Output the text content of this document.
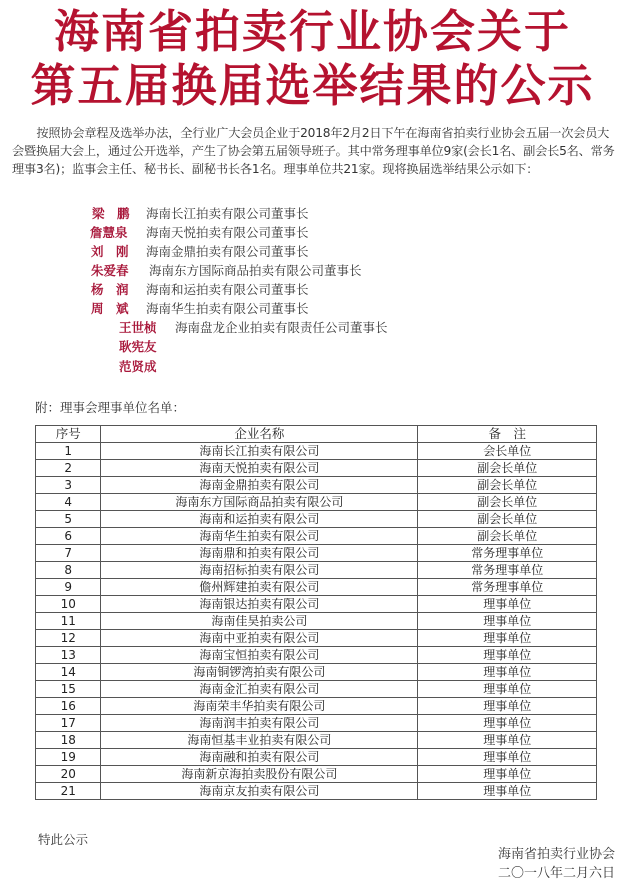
海南省拍卖行业协会关于
第五届换届选举结果的公示

按照协会章程及选举办法，全行业广大会员企业于2018年2月2日下午在海南省拍卖行业协会五届一次会员大会暨换届大会上，通过公开选举，产生了协会第五届领导班子。其中常务理事单位9家(会长1名、副会长5名、常务理事3名)；监事会主任、秘书长、副秘书长各1名。理事单位共21家。现将换届选举结果公示如下：

梁　鹏 海南长江拍卖有限公司董事长
詹慧泉 海南天悦拍卖有限公司董事长
刘　刚 海南金鼎拍卖有限公司董事长
朱爱春 海南东方国际商品拍卖有限公司董事长
杨　润 海南和运拍卖有限公司董事长
周　斌 海南华生拍卖有限公司董事长
王世桢 海南盘龙企业拍卖有限责任公司董事长
耿宪友
范贤成
附：理事会理事单位名单：
序号	企业名称	备　注
1	海南长江拍卖有限公司	会长单位
2	海南天悦拍卖有限公司	副会长单位
3	海南金鼎拍卖有限公司	副会长单位
4	海南东方国际商品拍卖有限公司	副会长单位
5	海南和运拍卖有限公司	副会长单位
6	海南华生拍卖有限公司	副会长单位
7	海南鼎和拍卖有限公司	常务理事单位
8	海南招标拍卖有限公司	常务理事单位
9	儋州辉建拍卖有限公司	常务理事单位
10	海南银达拍卖有限公司	理事单位
11	海南佳昊拍卖公司	理事单位
12	海南中亚拍卖有限公司	理事单位
13	海南宝恒拍卖有限公司	理事单位
14	海南铜锣湾拍卖有限公司	理事单位
15	海南金汇拍卖有限公司	理事单位
16	海南荣丰华拍卖有限公司	理事单位
17	海南润丰拍卖有限公司	理事单位
18	海南恒基丰业拍卖有限公司	理事单位
19	海南融和拍卖有限公司	理事单位
20	海南新京海拍卖股份有限公司	理事单位
21	海南京友拍卖有限公司	理事单位
特此公示
海南省拍卖行业协会
二〇一八年二月六日
